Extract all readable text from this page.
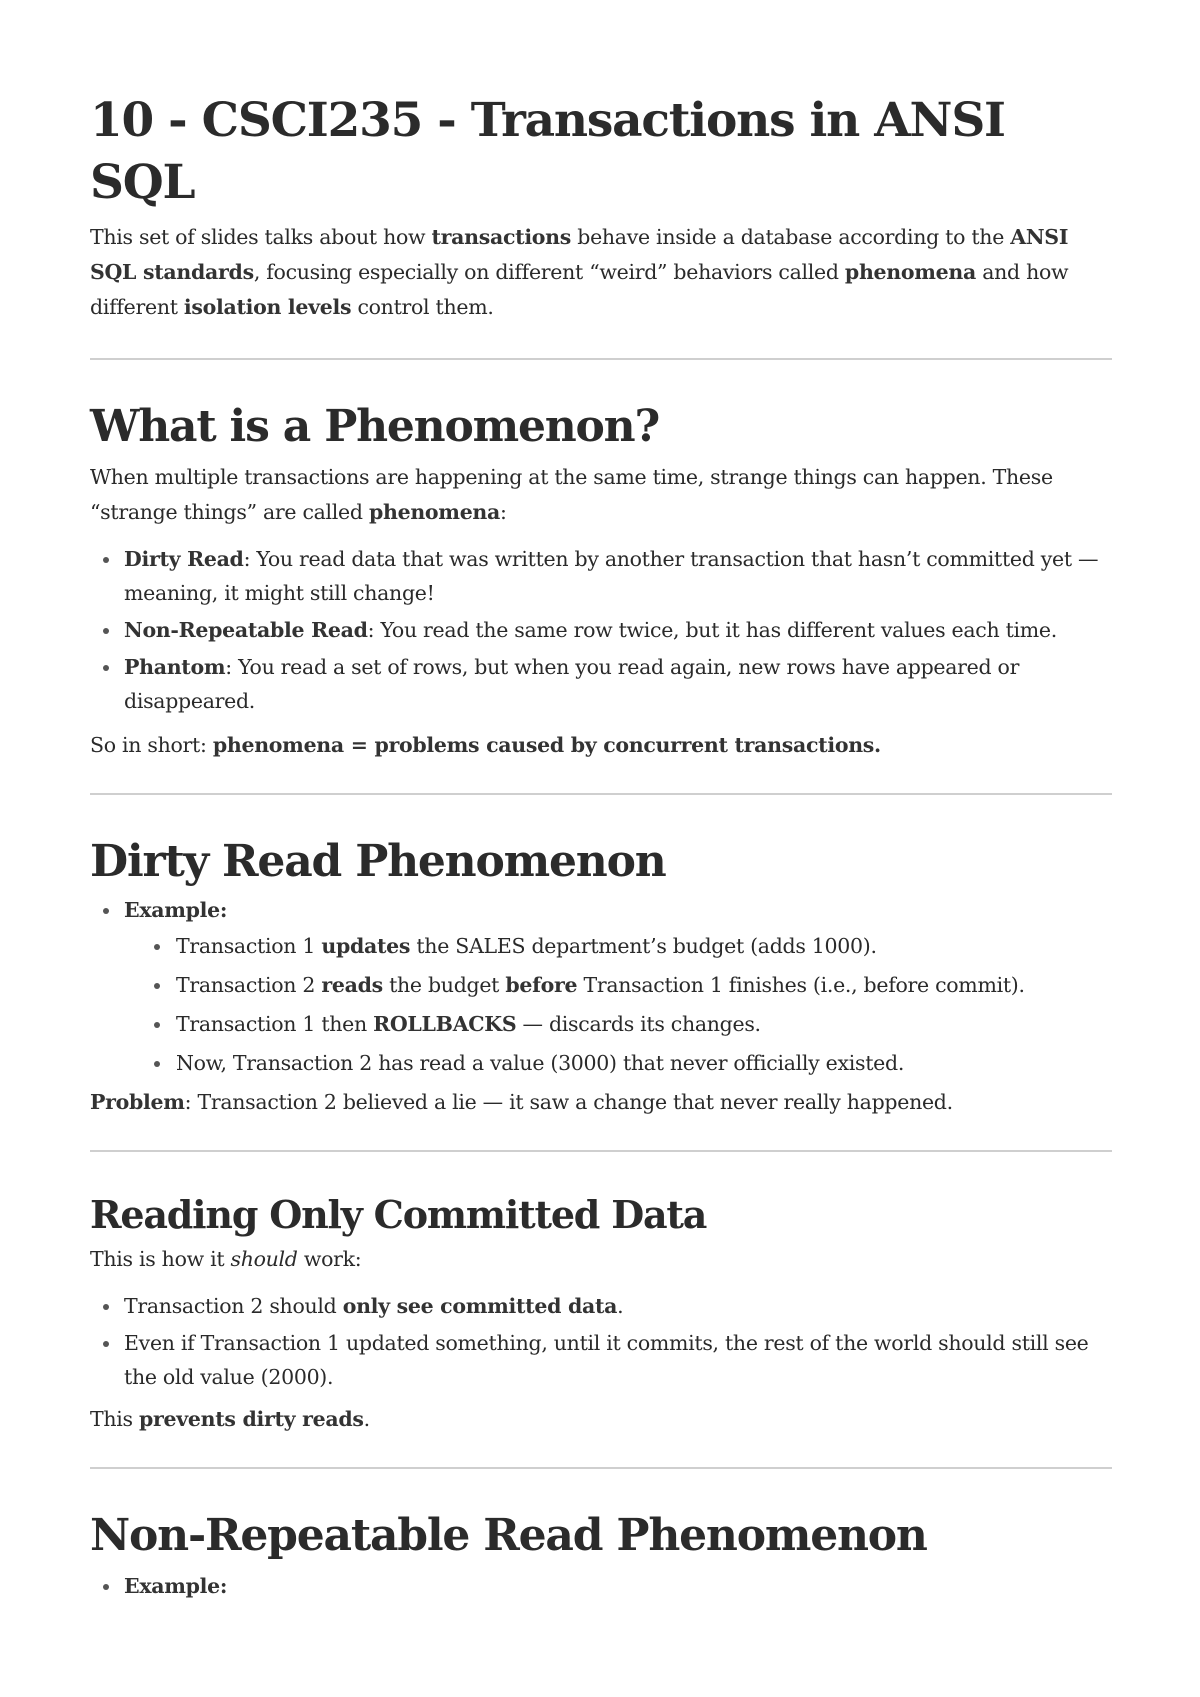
10 - CSCI235 - Transactions in ANSI SQL

This set of slides talks about how transactions behave inside a database according to the ANSI SQL standards, focusing especially on different “weird” behaviors called phenomena and how different isolation levels control them.

What is a Phenomenon?

When multiple transactions are happening at the same time, strange things can happen. These “strange things” are called phenomena:

Dirty Read: You read data that was written by another transaction that hasn’t committed yet — meaning, it might still change!
Non-Repeatable Read: You read the same row twice, but it has different values each time.
Phantom: You read a set of rows, but when you read again, new rows have appeared or disappeared.

So in short: phenomena = problems caused by concurrent transactions.

Dirty Read Phenomenon
Example:
Transaction 1 updates the SALES department’s budget (adds 1000).
Transaction 2 reads the budget before Transaction 1 finishes (i.e., before commit).
Transaction 1 then ROLLBACKS — discards its changes.
Now, Transaction 2 has read a value (3000) that never officially existed.

Problem: Transaction 2 believed a lie — it saw a change that never really happened.

Reading Only Committed Data

This is how it should work:

Transaction 2 should only see committed data.
Even if Transaction 1 updated something, until it commits, the rest of the world should still see the old value (2000).

This prevents dirty reads.

Non-Repeatable Read Phenomenon
Example:
